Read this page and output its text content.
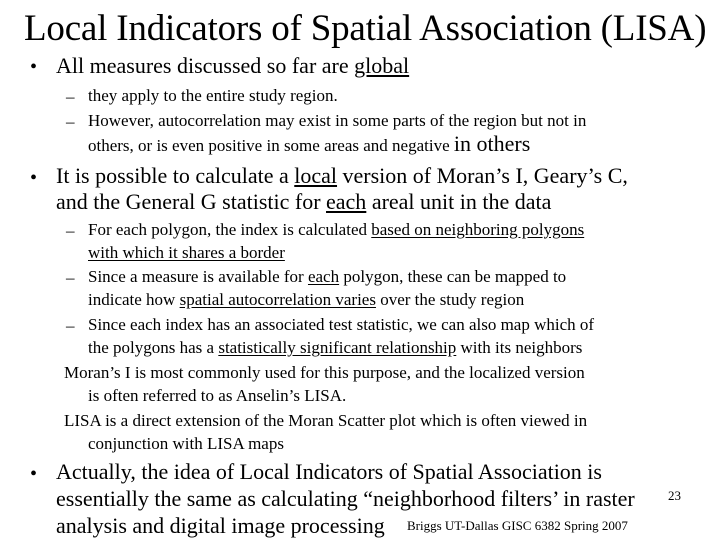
Local Indicators of Spatial Association (LISA)
• All measures discussed so far are global
– they apply to the entire study region.
– However, autocorrelation may exist in some parts of the region but not in
others, or is even positive in some areas and negative in others
• It is possible to calculate a local version of Moran’s I, Geary’s C,
and the General G statistic for each areal unit in the data
– For each polygon, the index is calculated based on neighboring polygons
with which it shares a border
– Since a measure is available for each polygon, these can be mapped to
indicate how spatial autocorrelation varies over the study region
– Since each index has an associated test statistic, we can also map which of
the polygons has a statistically significant relationship with its neighbors
Moran’s I is most commonly used for this purpose, and the localized version
is often referred to as Anselin’s LISA.
LISA is a direct extension of the Moran Scatter plot which is often viewed in
conjunction with LISA maps
• Actually, the idea of Local Indicators of Spatial Association is
essentially the same as calculating “neighborhood filters’ in raster
analysis and digital image processing
23
Briggs UT-Dallas GISC 6382 Spring 2007
